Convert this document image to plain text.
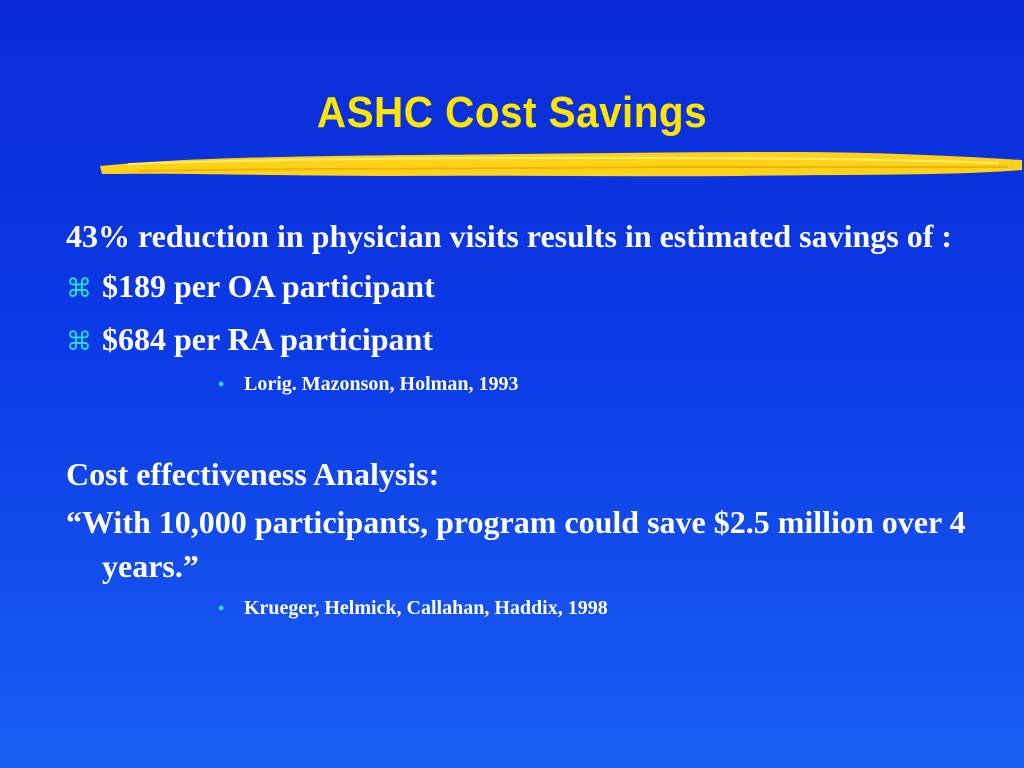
ASHC Cost Savings

43% reduction in physician visits results in estimated savings of :

⌘ $189 per OA participant
⌘ $684 per RA participant
• Lorig. Mazonson, Holman, 1993

Cost effectiveness Analysis:

“With 10,000 participants, program could save $2.5 million over 4 years.”

• Krueger, Helmick, Callahan, Haddix, 1998
